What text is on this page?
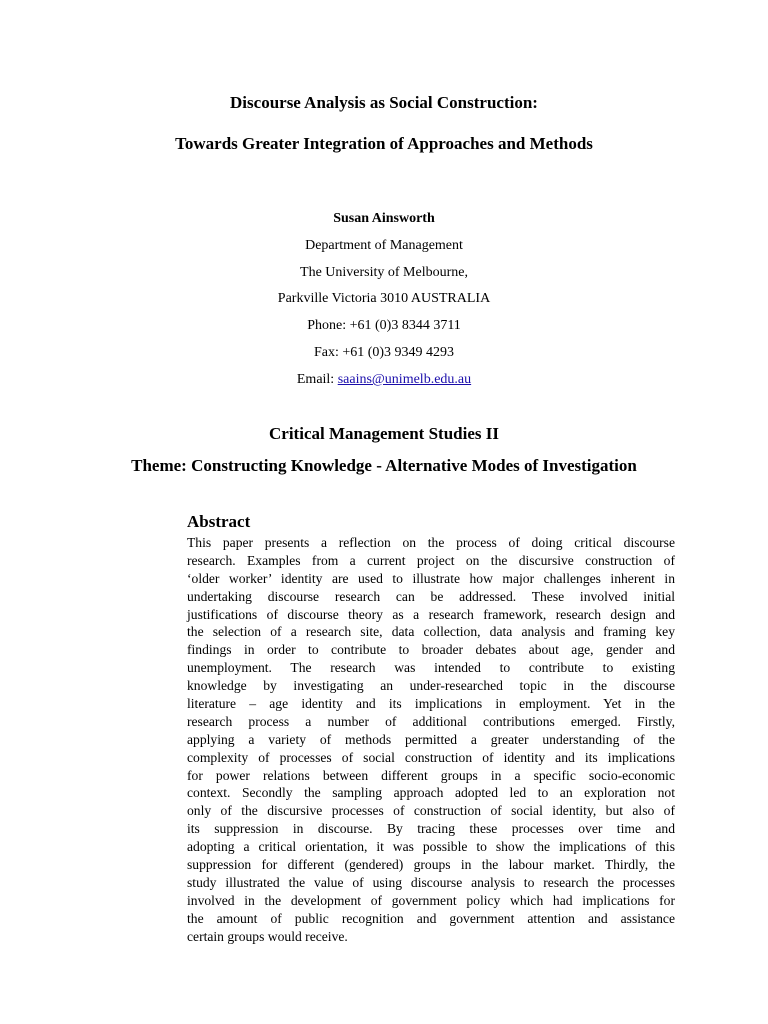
Discourse Analysis as Social Construction:
Towards Greater Integration of Approaches and Methods
Susan Ainsworth
Department of Management
The University of Melbourne,
Parkville Victoria 3010 AUSTRALIA
Phone: +61 (0)3 8344 3711
Fax: +61 (0)3 9349 4293
Email: saains@unimelb.edu.au
Critical Management Studies II
Theme: Constructing Knowledge - Alternative Modes of Investigation
Abstract
This paper presents a reflection on the process of doing critical discourse
research. Examples from a current project on the discursive construction of
‘older worker’ identity are used to illustrate how major challenges inherent in
undertaking discourse research can be addressed. These involved initial
justifications of discourse theory as a research framework, research design and
the selection of a research site, data collection, data analysis and framing key
findings in order to contribute to broader debates about age, gender and
unemployment. The research was intended to contribute to existing
knowledge by investigating an under-researched topic in the discourse
literature – age identity and its implications in employment. Yet in the
research process a number of additional contributions emerged. Firstly,
applying a variety of methods permitted a greater understanding of the
complexity of processes of social construction of identity and its implications
for power relations between different groups in a specific socio-economic
context. Secondly the sampling approach adopted led to an exploration not
only of the discursive processes of construction of social identity, but also of
its suppression in discourse. By tracing these processes over time and
adopting a critical orientation, it was possible to show the implications of this
suppression for different (gendered) groups in the labour market. Thirdly, the
study illustrated the value of using discourse analysis to research the processes
involved in the development of government policy which had implications for
the amount of public recognition and government attention and assistance
certain groups would receive.
